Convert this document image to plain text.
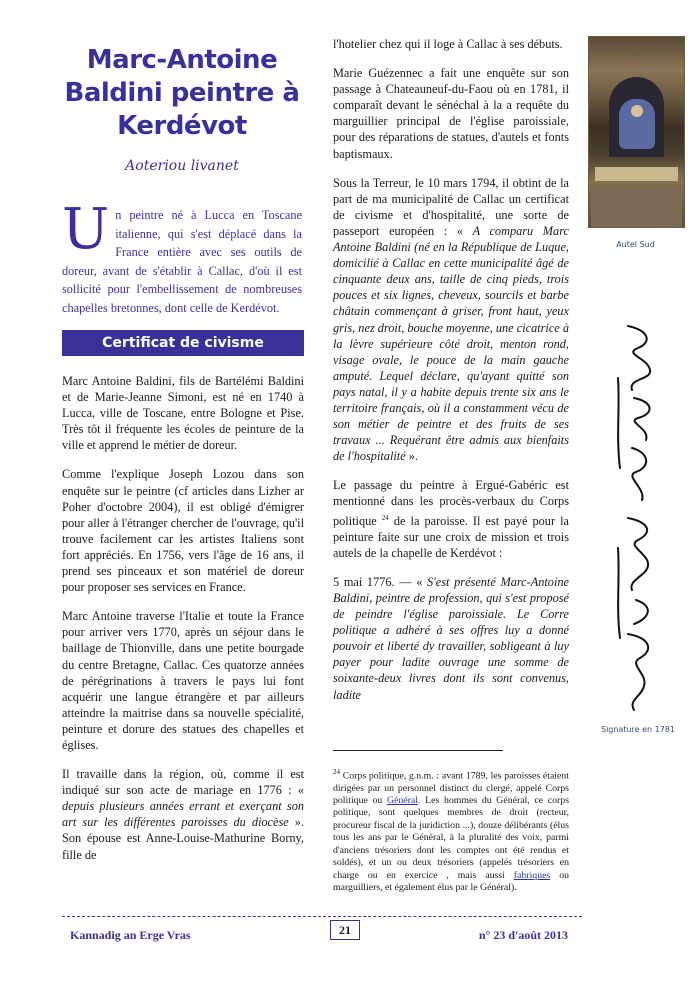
Marc-Antoine
Baldini peintre à
Kerdévot
Aoteriou livanet
Un peintre né à Lucca en Toscane italienne, qui s'est déplacé dans la France entière avec ses outils de doreur, avant de s'établir à Callac, d'où il est sollicité pour l'embellissement de nombreuses chapelles bretonnes, dont celle de Kerdévot.
Certificat de civisme

Marc Antoine Baldini, fils de Bartélémi Baldini et de Marie-Jeanne Simoni, est né en 1740 à Lucca, ville de Toscane, entre Bologne et Pise. Très tôt il fréquente les écoles de peinture de la ville et apprend le métier de doreur.

Comme l'explique Joseph Lozou dans son enquête sur le peintre (cf articles dans Lizher ar Poher d'octobre 2004), il est obligé d'émigrer pour aller à l'étranger chercher de l'ouvrage, qu'il trouve facilement car les artistes Italiens sont fort appréciés. En 1756, vers l'âge de 16 ans, il prend ses pinceaux et son matériel de doreur pour proposer ses services en France.

Marc Antoine traverse l'Italie et toute la France pour arriver vers 1770, après un séjour dans le baillage de Thionville, dans une petite bourgade du centre Bretagne, Callac. Ces quatorze années de pérégrinations à travers le pays lui font acquérir une langue étrangère et par ailleurs atteindre la maitrise dans sa nouvelle spécialité, peinture et dorure des statues des chapelles et églises.

Il travaille dans la région, où, comme il est indiqué sur son acte de mariage en 1776 : « depuis plusieurs années errant et exerçant son art sur les différentes paroisses du diocèse ». Son épouse est Anne-Louise-Mathurine Borny, fille de

l'hotelier chez qui il loge à Callac à ses débuts.

Marie Guézennec a fait une enquête sur son passage à Chateauneuf-du-Faou où en 1781, il comparaît devant le sénéchal à la a requête du marguillier principal de l'église paroissiale, pour des réparations de statues, d'autels et fonts baptismaux.

Sous la Terreur, le 10 mars 1794, il obtint de la part de ma municipalité de Callac un certificat de civisme et d'hospitalité, une sorte de passeport européen : « A comparu Marc Antoine Baldini (né en la République de Luque, domicilié à Callac en cette municipalité âgé de cinquante deux ans, taille de cinq pieds, trois pouces et six lignes, cheveux, sourcils et barbe châtain commençant à griser, front haut, yeux gris, nez droit, bouche moyenne, une cicatrice à la lèvre supérieure côté droit, menton rond, visage ovale, le pouce de la main gauche amputé. Lequel déclare, qu'ayant quitté son pays natal, il y a habite depuis trente six ans le territoire français, où il a constamment vécu de son métier de peintre et des fruits de ses travaux ... Requérant être admis aux bienfaits de l'hospitalité ».

Le passage du peintre à Ergué-Gabéric est mentionné dans les procès-verbaux du Corps politique $^{24}$ de la paroisse. Il est payé pour la peinture faite sur une croix de mission et trois autels de la chapelle de Kerdévot :

5 mai 1776. — « S'est présenté Marc-Antoine Baldini, peintre de profession, qui s'est proposé de peindre l'église paroissiale. Le Corre politique a adhéré à ses offres luy a donné pouvoir et liberté dy travailler, sobligeant à luy payer pour ladite ouvrage une somme de soixante-deux livres dont ils sont convenus, ladite

$^{24}$ Corps politique, g.n.m. : avant 1789, les paroisses étaient dirigées par un personnel distinct du clergé, appelé Corps politique ou Général. Les hommes du Général, ce corps politique, sont quelques membres de droit (recteur, procureur fiscal de la juridiction ...), douze délibérants (élus tous les ans par le Général, à la pluralité des voix, parmi d'anciens trésoriers dont les comptes ont été rendus et soldés), et un ou deux trésoriers (appelés trésoriers en charge ou en exercice , mais aussi fabriques ou marguilliers, et également élus par le Général).
Autel Sud
Signature en 1781
Kannadig an Erge Vras	21	n° 23 d'août 2013
